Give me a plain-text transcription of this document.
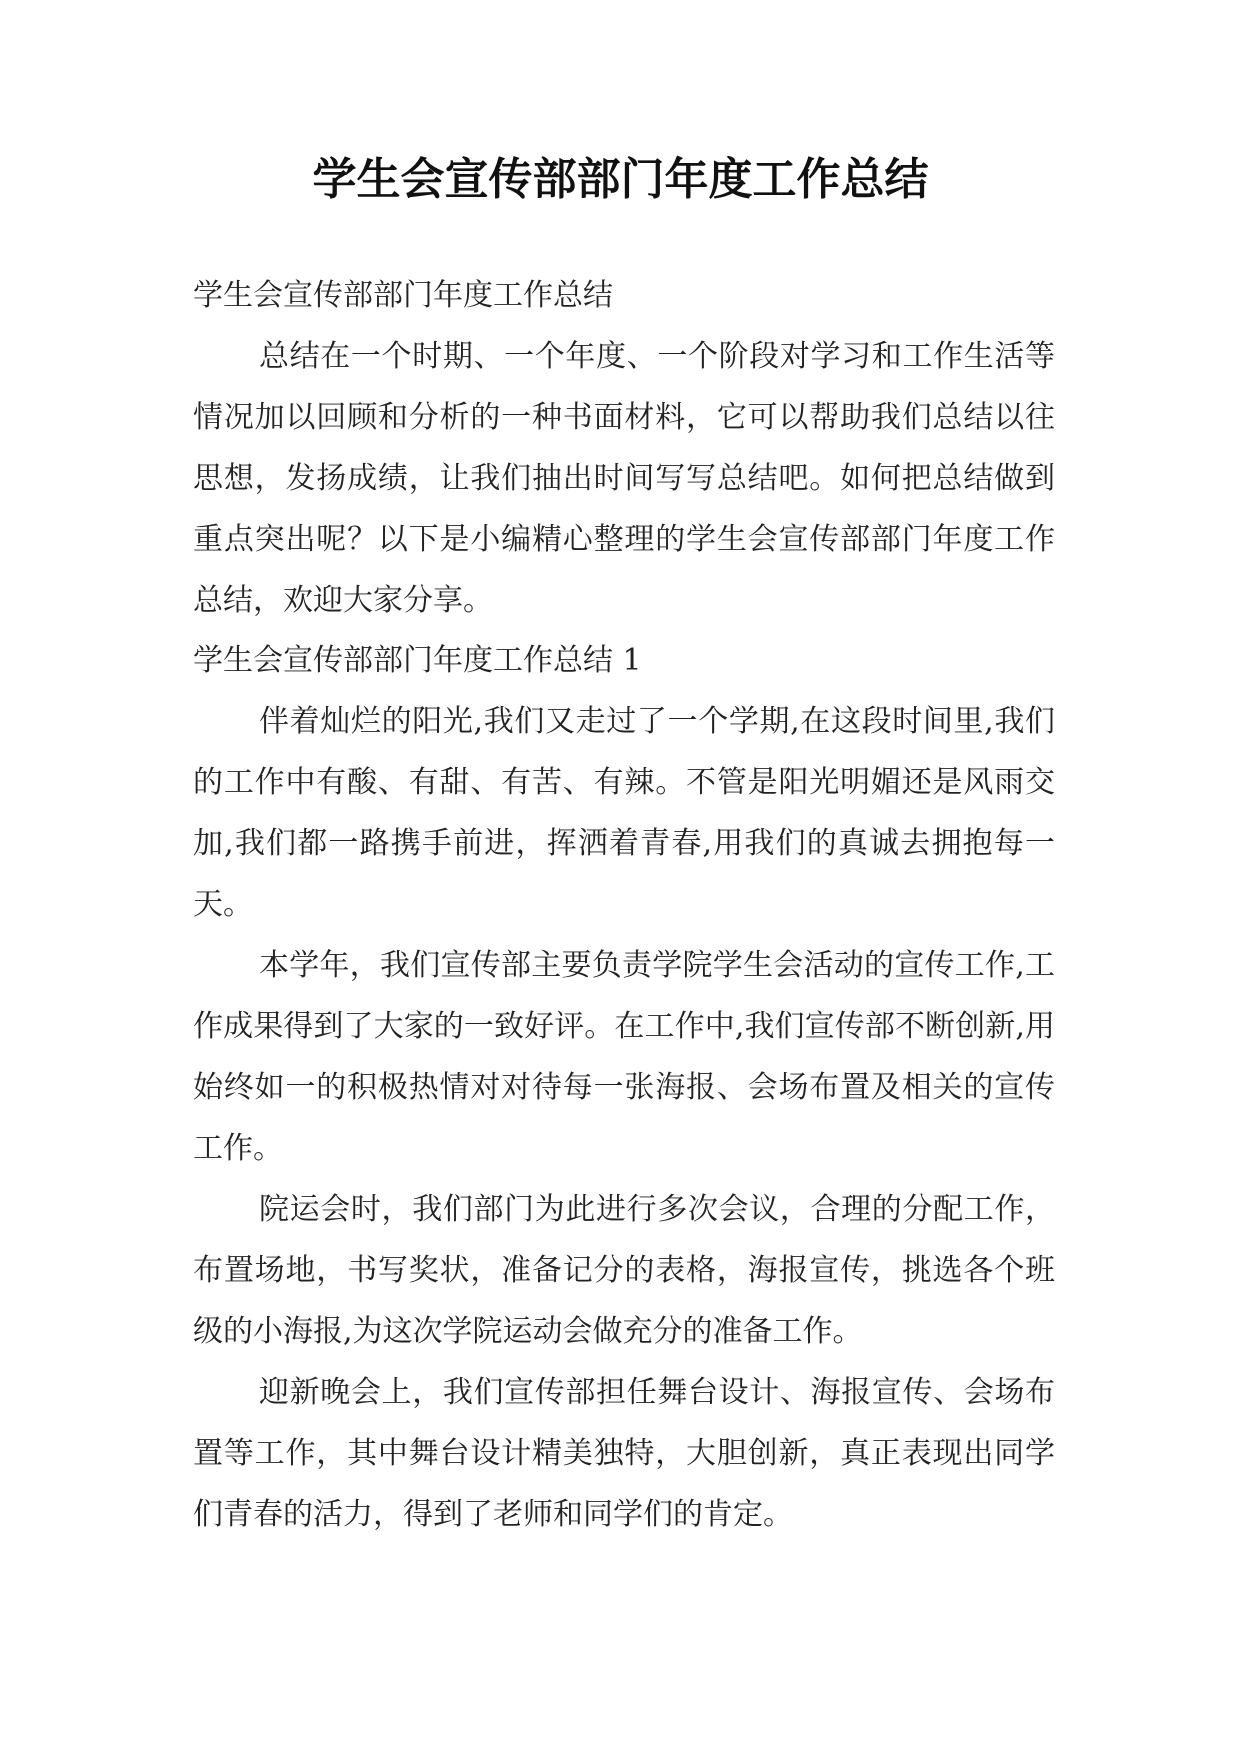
学生会宣传部部门年度工作总结

学生会宣传部部门年度工作总结

总结在一个时期、一个年度、一个阶段对学习和工作生活等情况加以回顾和分析的一种书面材料，它可以帮助我们总结以往思想，发扬成绩，让我们抽出时间写写总结吧。如何把总结做到重点突出呢？以下是小编精心整理的学生会宣传部部门年度工作总结，欢迎大家分享。

学生会宣传部部门年度工作总结 1

伴着灿烂的阳光,我们又走过了一个学期,在这段时间里,我们的工作中有酸、有甜、有苦、有辣。不管是阳光明媚还是风雨交加,我们都一路携手前进，挥洒着青春,用我们的真诚去拥抱每一天。

本学年，我们宣传部主要负责学院学生会活动的宣传工作,工作成果得到了大家的一致好评。在工作中,我们宣传部不断创新,用始终如一的积极热情对对待每一张海报、会场布置及相关的宣传工作。

院运会时，我们部门为此进行多次会议，合理的分配工作，布置场地，书写奖状，准备记分的表格，海报宣传，挑选各个班级的小海报,为这次学院运动会做充分的准备工作。

迎新晚会上，我们宣传部担任舞台设计、海报宣传、会场布置等工作，其中舞台设计精美独特，大胆创新，真正表现出同学们青春的活力，得到了老师和同学们的肯定。
